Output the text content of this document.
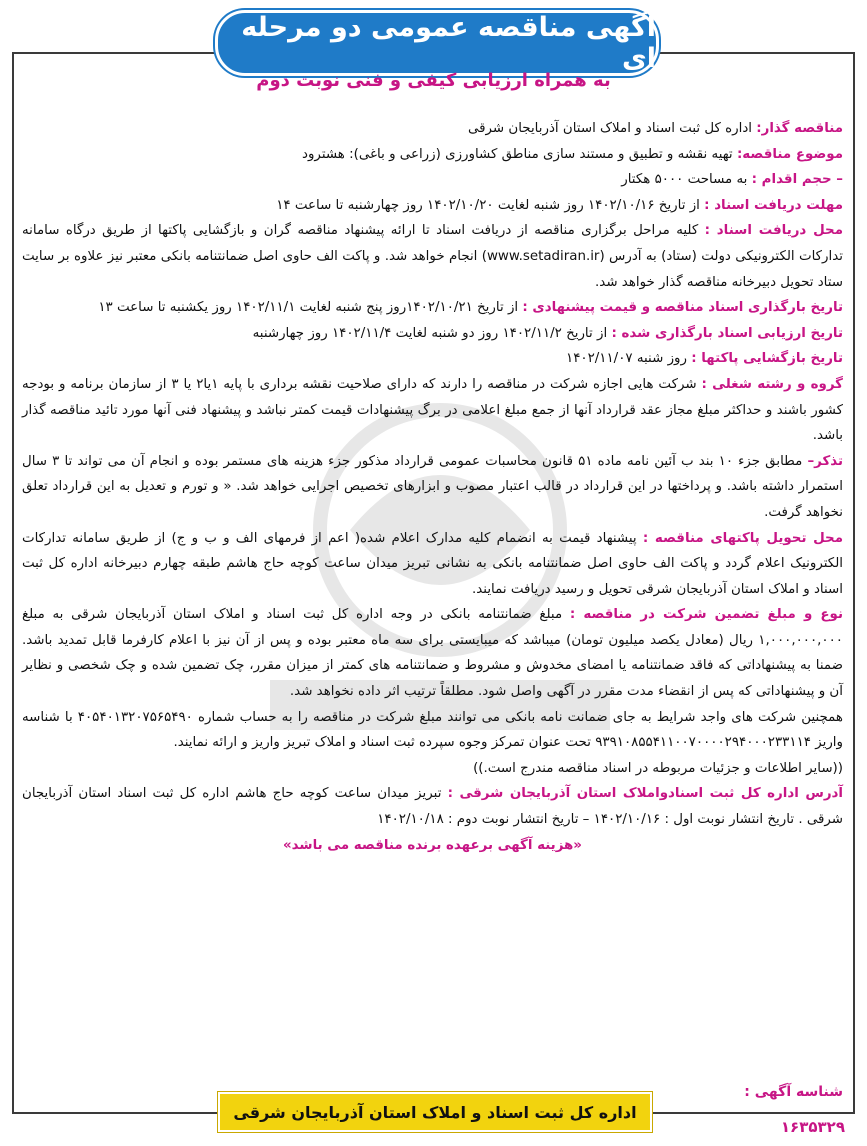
آگهی مناقصه عمومی دو مرحله ای
به همراه ارزیابی کیفی و فنی نوبت دوم

مناقصه گذار: اداره کل ثبت اسناد و املاک استان آذربایجان شرقی

موضوع مناقصه: تهیه نقشه و تطبیق و مستند سازی مناطق کشاورزی (زراعی و باغی): هشترود

– حجم اقدام : به مساحت ۵۰۰۰ هکتار

مهلت دریافت اسناد : از تاریخ ۱۴۰۲/۱۰/۱۶ روز شنبه لغایت ۱۴۰۲/۱۰/۲۰ روز چهارشنبه تا ساعت ۱۴

محل دریافت اسناد : کلیه مراحل برگزاری مناقصه از دریافت اسناد تا ارائه پیشنهاد مناقصه گران و بازگشایی پاکتها از طریق درگاه سامانه تدارکات الکترونیکی دولت (ستاد) به آدرس (www.setadiran.ir) انجام خواهد شد. و پاکت الف حاوی اصل ضمانتنامه بانکی معتبر نیز علاوه بر سایت ستاد تحویل دبیرخانه مناقصه گذار خواهد شد.

تاریخ بارگذاری اسناد مناقصه و قیمت پیشنهادی : از تاریخ ۱۴۰۲/۱۰/۲۱روز پنج شنبه لغایت ۱۴۰۲/۱۱/۱ روز یکشنبه تا ساعت ۱۳

تاریخ ارزیابی اسناد بارگذاری شده : از تاریخ ۱۴۰۲/۱۱/۲ روز دو شنبه لغایت ۱۴۰۲/۱۱/۴ روز چهارشنبه

تاریخ بازگشایی پاکتها : روز شنبه ۱۴۰۲/۱۱/۰۷

گروه و رشته شغلی : شرکت هایی اجازه شرکت در مناقصه را دارند که دارای صلاحیت نقشه برداری با پایه ۱یا۲ یا ۳ از سازمان برنامه و بودجه کشور باشند و حداکثر مبلغ مجاز عقد قرارداد آنها از جمع مبلغ اعلامی در برگ پیشنهادات قیمت کمتر نباشد و پیشنهاد فنی آنها مورد تائید مناقصه گذار باشد.

تذکر– مطابق جزء ۱۰ بند ب آئین نامه ماده ۵۱ قانون محاسبات عمومی قرارداد مذکور جزء هزینه های مستمر بوده و انجام آن می تواند تا ۳ سال استمرار داشته باشد. و پرداختها در این قرارداد در قالب اعتبار مصوب و ابزارهای تخصیص اجرایی خواهد شد. « و تورم و تعدیل به این قرارداد تعلق نخواهد گرفت.

محل تحویل پاکتهای مناقصه : پیشنهاد قیمت به انضمام کلیه مدارک اعلام شده( اعم از فرمهای الف و ب و ج) از طریق سامانه تدارکات الکترونیک اعلام گردد و پاکت الف حاوی اصل ضمانتنامه بانکی به نشانی تبریز میدان ساعت کوچه حاج هاشم طبقه چهارم دبیرخانه اداره کل ثبت اسناد و املاک استان آذربایجان شرقی تحویل و رسید دریافت نمایند.

نوع و مبلغ تضمین شرکت در مناقصه : مبلغ ضمانتنامه بانکی در وجه اداره کل ثبت اسناد و املاک استان آذربایجان شرقی به مبلغ ۱,۰۰۰,۰۰۰,۰۰۰ ریال (معادل یکصد میلیون تومان) میباشد که میبایستی برای سه ماه معتبر بوده و پس از آن نیز با اعلام کارفرما قابل تمدید باشد. ضمنا به پیشنهاداتی که فاقد ضمانتنامه یا امضای مخدوش و مشروط و ضمانتنامه های کمتر از میزان مقرر، چک تضمین شده و چک شخصی و نظایر آن و پیشنهاداتی که پس از انقضاء مدت مقرر در آگهی واصل شود. مطلقاً ترتیب اثر داده نخواهد شد.

همچنین شرکت های واجد شرایط به جای ضمانت نامه بانکی می توانند مبلغ شرکت در مناقصه را به حساب شماره ۴۰۵۴۰۱۳۲۰۷۵۶۵۴۹۰ با شناسه واریز ۹۳۹۱۰۸۵۵۴۱۱۰۰۷۰۰۰۰۲۹۴۰۰۰۲۳۳۱۱۴ تحت عنوان تمرکز وجوه سپرده ثبت اسناد و املاک تبریز واریز و ارائه نمایند.

((سایر اطلاعات و جزئیات مربوطه در اسناد مناقصه مندرج است.))

آدرس اداره کل ثبت اسنادواملاک استان آذربایجان شرقی : تبریز میدان ساعت کوچه حاج هاشم اداره کل ثبت اسناد استان آذربایجان شرقی . تاریخ انتشار نوبت اول : ۱۴۰۲/۱۰/۱۶ – تاریخ انتشار نوبت دوم : ۱۴۰۲/۱۰/۱۸

«هزینه آگهی برعهده برنده مناقصه می باشد»

شناسه آگهی :
۱۶۳۵۳۲۹
اداره کل ثبت اسناد و املاک استان آذربایجان شرقی
